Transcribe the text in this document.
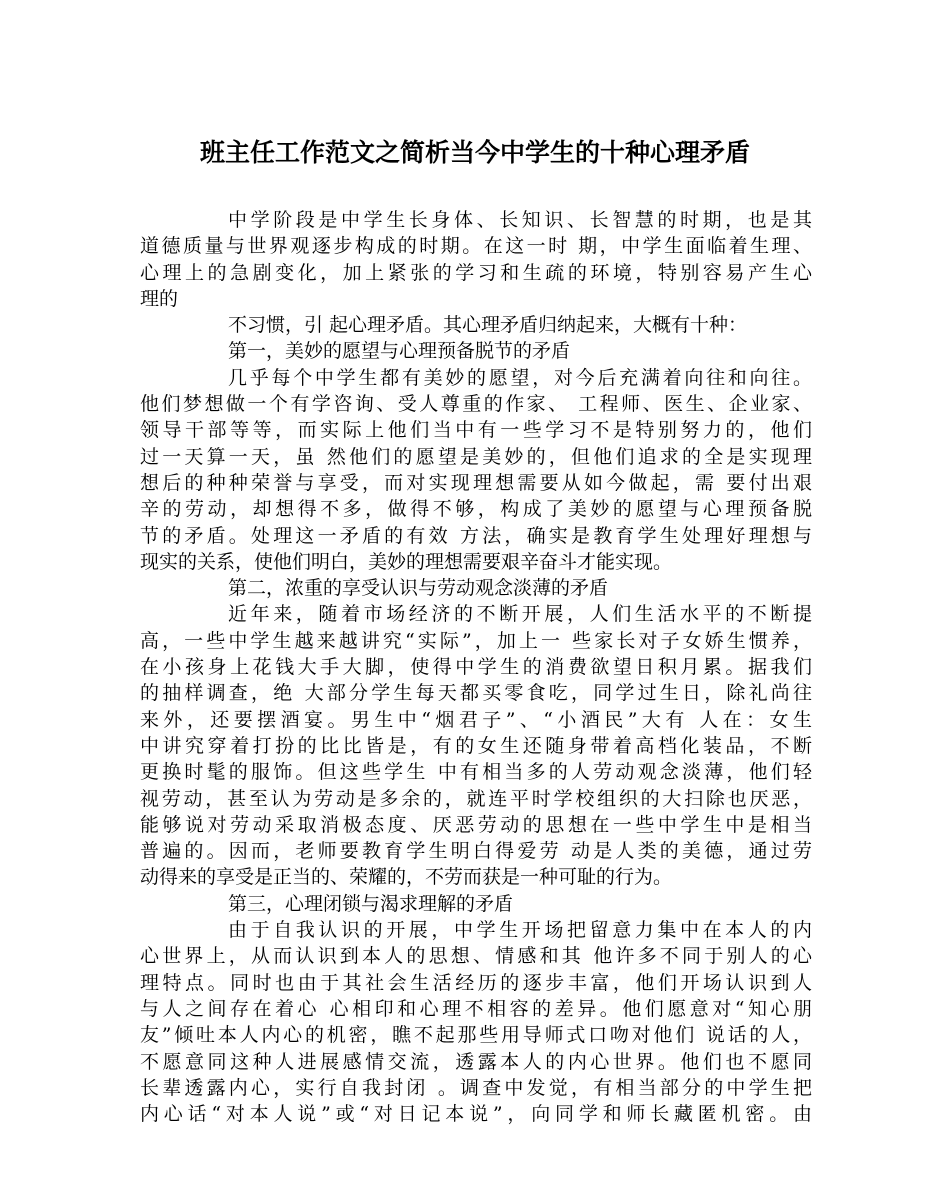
班主任工作范文之简析当今中学生的十种心理矛盾
中学阶段是中学生长身体、长知识、长智慧的时期，也是其
道德质量与世界观逐步构成的时期。在这一时 期，中学生面临着生理、
心理上的急剧变化，加上紧张的学习和生疏的环境，特别容易产生心
理的
不习惯，引 起心理矛盾。其心理矛盾归纳起来，大概有十种：
第一，美妙的愿望与心理预备脱节的矛盾
几乎每个中学生都有美妙的愿望，对今后充满着向往和向往。
他们梦想做一个有学咨询、受人尊重的作家、 工程师、医生、企业家、
领导干部等等，而实际上他们当中有一些学习不是特别努力的，他们
过一天算一天，虽 然他们的愿望是美妙的，但他们追求的全是实现理
想后的种种荣誉与享受，而对实现理想需要从如今做起，需 要付出艰
辛的劳动，却想得不多，做得不够，构成了美妙的愿望与心理预备脱
节的矛盾。处理这一矛盾的有效 方法，确实是教育学生处理好理想与
现实的关系，使他们明白，美妙的理想需要艰辛奋斗才能实现。
第二，浓重的享受认识与劳动观念淡薄的矛盾
近年来，随着市场经济的不断开展，人们生活水平的不断提
高，一些中学生越来越讲究“实际”，加上一 些家长对子女娇生惯养，
在小孩身上花钱大手大脚，使得中学生的消费欲望日积月累。据我们
的抽样调查，绝 大部分学生每天都买零食吃，同学过生日，除礼尚往
来外，还要摆酒宴。男生中“烟君子”、“小酒民”大有 人在：女生
中讲究穿着打扮的比比皆是，有的女生还随身带着高档化装品，不断
更换时髦的服饰。但这些学生 中有相当多的人劳动观念淡薄，他们轻
视劳动，甚至认为劳动是多余的，就连平时学校组织的大扫除也厌恶，
能够说对劳动采取消极态度、厌恶劳动的思想在一些中学生中是相当
普遍的。因而，老师要教育学生明白得爱劳 动是人类的美德，通过劳
动得来的享受是正当的、荣耀的，不劳而获是一种可耻的行为。
第三，心理闭锁与渴求理解的矛盾
由于自我认识的开展，中学生开场把留意力集中在本人的内
心世界上，从而认识到本人的思想、情感和其 他许多不同于别人的心
理特点。同时也由于其社会生活经历的逐步丰富，他们开场认识到人
与人之间存在着心 心相印和心理不相容的差异。他们愿意对“知心朋
友”倾吐本人内心的机密，瞧不起那些用导师式口吻对他们 说话的人，
不愿意同这种人进展感情交流，透露本人的内心世界。他们也不愿同
长辈透露内心，实行自我封闭 。调查中发觉，有相当部分的中学生把
内心话“对本人说”或“对日记本说”，向同学和师长藏匿机密。由
